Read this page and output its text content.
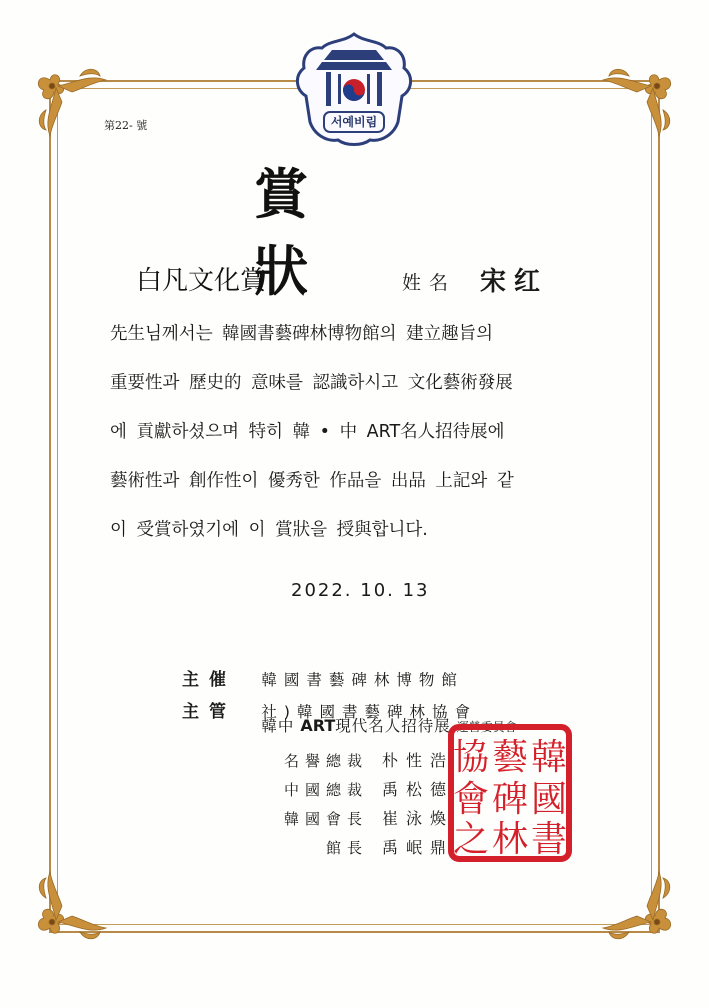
서예비림
第22- 號
賞狀
白凡文化賞	姓名 宋红
先生님께서는 韓國書藝碑林博物館의 建立趣旨의
重要性과 歷史的 意味를 認識하시고 文化藝術發展
에 貢獻하셨으며 特히 韓 • 中 ART名人招待展에
藝術性과 創作性이 優秀한 作品을 出品 上記와 같
이 受賞하였기에 이 賞狀을 授與합니다.
2022. 10. 13
主催 韓國書藝碑林博物館
主管 社)韓國書藝碑林協會
韓中 ART現代名人招待展 運營委員會
名譽總裁 朴性浩
中國總裁 禹松德
韓國會長 崔泳煥
館長 禹岷鼎
韓
藝
協
國
碑
會
書
林
之
